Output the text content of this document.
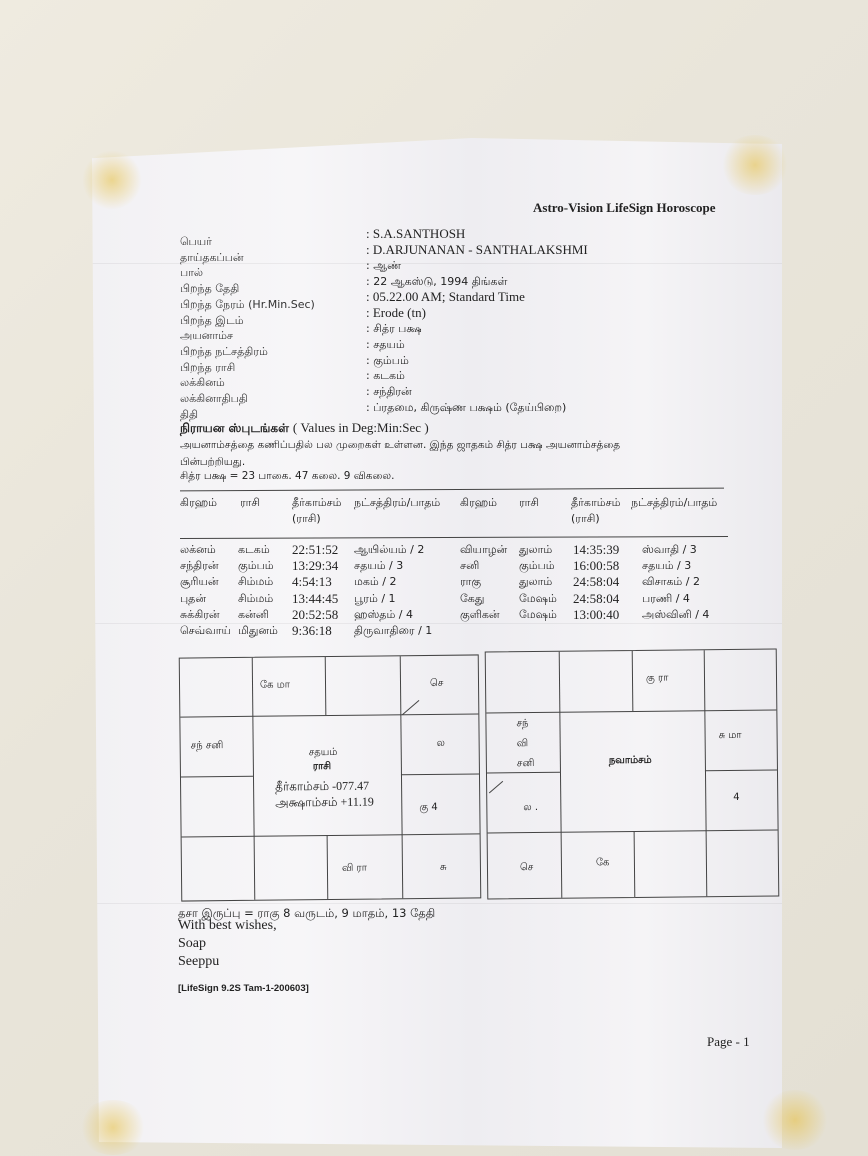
Astro-Vision LifeSign Horoscope
பெயர்
: S.A.SANTHOSH
தாய்தகப்பன்
: D.ARJUNANAN - SANTHALAKSHMI
பால்
: ஆண்
பிறந்த தேதி
: 22 ஆகஸ்டு, 1994 திங்கள்
பிறந்த நேரம் (Hr.Min.Sec)
: 05.22.00 AM; Standard Time
பிறந்த இடம்
: Erode (tn)
அயனாம்ச
: சித்ர பக்ஷ
பிறந்த நட்சத்திரம்
: சதயம்
பிறந்த ராசி
: கும்பம்
லக்கினம்
: கடகம்
லக்கினாதிபதி
: சந்திரன்
திதி
: ப்ரதமை, கிருஷ்ண பக்ஷம் (தேய்பிறை)
நிராயன ஸ்புடங்கள் ( Values in Deg:Min:Sec )
அயனாம்சத்தை கணிப்பதில் பல முறைகள் உள்ளன. இந்த ஜாதகம் சித்ர பக்ஷ அயனாம்சத்தை
பின்பற்றியது.
சித்ர பக்ஷ = 23 பாகை. 47 கலை. 9 விகலை.
கிரஹம் ராசி	தீர்காம்சம் நட்சத்திரம்/பாதம் கிரஹம் ராசி	தீர்காம்சம் நட்சத்திரம்/பாதம்
(ராசி)	(ராசி)
லக்னம் கடகம் 22:51:52 ஆயில்யம் / 2	வியாழன் துலாம் 14:35:39 ஸ்வாதி / 3
சந்திரன் கும்பம் 13:29:34 சதயம் / 3	சனி	கும்பம் 16:00:58 சதயம் / 3
சூரியன் சிம்மம் 4:54:13 மகம் / 2	ராகு	துலாம் 24:58:04 விசாகம் / 2
புதன்	சிம்மம் 13:44:45 பூரம் / 1	கேது	மேஷம் 24:58:04 பரணி / 4
சுக்கிரன் கன்னி 20:52:58 ஹஸ்தம் / 4	குளிகன் மேஷம் 13:00:40 அஸ்வினி / 4
செவ்வாய் மிதுனம் 9:36:18 திருவாதிரை / 1
கே மா	செ
சந் சனி	ல
கு 4
வி ரா	சு
சதயம்
ராசி
தீர்காம்சம் -077.47
அக்ஷாம்சம் +11.19
கு ரா
சந்
வி
சனி
ல .
சு மா
4
செ	கே
நவாம்சம்
தசா இருப்பு = ராகு 8 வருடம், 9 மாதம், 13 தேதி
With best wishes,
Soap
Seeppu
[LifeSign 9.2S Tam-1-200603]
Page - 1
